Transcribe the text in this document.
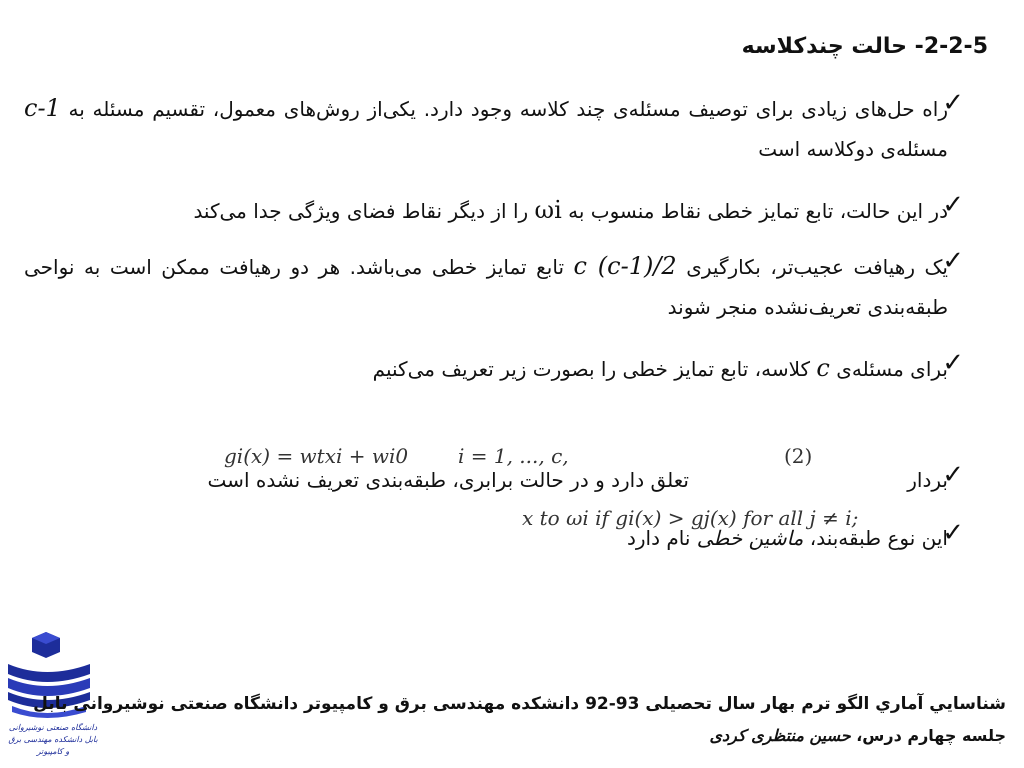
2-2-5- حالت چندکلاسه
✓
راه حل‌های زیادی برای توصیف مسئله‌ی چند کلاسه وجود دارد. یکی‌از روش‌های معمول، تقسیم مسئله به c-1 مسئله‌ی دوکلاسه است
✓
در این حالت، تابع تمایز خطی نقاط منسوب به ωi را از دیگر نقاط فضای ویژگی جدا می‌کند
✓
یک رهیافت عجیب‌تر، بکارگیری c (c-1)/2 تابع تمایز خطی می‌باشد. هر دو رهیافت ممکن است به نواحی طبقه‌بندی تعریف‌نشده منجر شوند
✓
برای مسئله‌ی c کلاسه، تابع تمایز خطی را بصورت زیر تعریف می‌کنیم
✓
بردار
تعلق دارد و در حالت برابری، طبقه‌بندی تعریف نشده است
✓
این نوع طبقه‌بند، ماشین خطی نام دارد
gi(x) = wtxi + wi0 i = 1, ..., c,	(2)
x to ωi if gi(x) > gj(x) for all j ≠ i;
دانشگاه صنعتی نوشیروانی بابل دانشکده مهندسی برق و کامپیوتر
شناسايي آماري الگو ترم بهار سال تحصیلی 93-92 دانشکده مهندسی برق و کامپیوتر دانشگاه صنعتی نوشیروانی بابل
جلسه چهارم درس، حسین منتظری کردی
